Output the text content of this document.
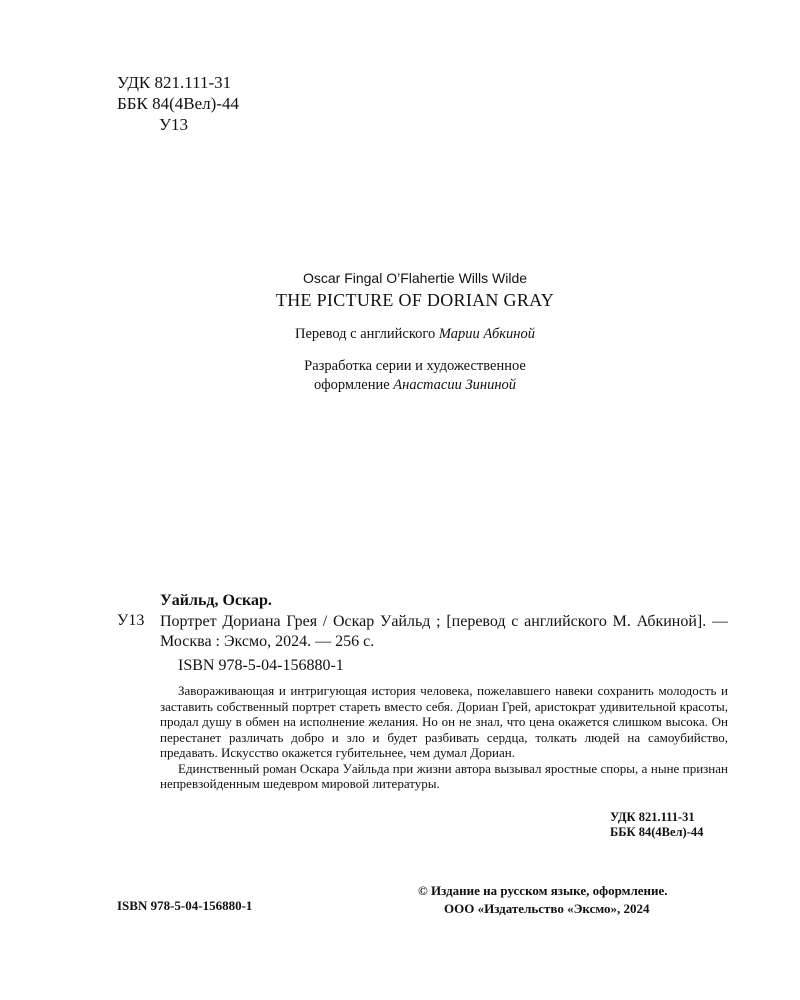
УДК 821.111-31
ББК 84(4Вел)-44
У13
Oscar Fingal O’Flahertie Wills Wilde
THE PICTURE OF DORIAN GRAY
Перевод с английского Марии Абкиной
Разработка серии и художественное
оформление Анастасии Зининой
Уайльд, Оскар.
У13 Портрет Дориана Грея / Оскар Уайльд ; [перевод с английского М. Абкиной]. — Москва : Эксмо, 2024. — 256 с.
ISBN 978-5-04-156880-1

Завораживающая и интригующая история человека, пожелавшего навеки сохранить молодость и заставить собственный портрет стареть вместо себя. Дориан Грей, аристократ удивительной красоты, продал душу в обмен на исполнение желания. Но он не знал, что цена окажется слишком высока. Он перестанет различать добро и зло и будет разбивать сердца, толкать людей на самоубийство, предавать. Искусство окажется губительнее, чем думал Дориан.

Единственный роман Оскара Уайльда при жизни автора вызывал яростные споры, а ныне признан непревзойденным шедевром мировой литературы.

УДК 821.111-31
ББК 84(4Вел)-44
ISBN 978-5-04-156880-1
© Издание на русском языке, оформление.
ООО «Издательство «Эксмо», 2024
